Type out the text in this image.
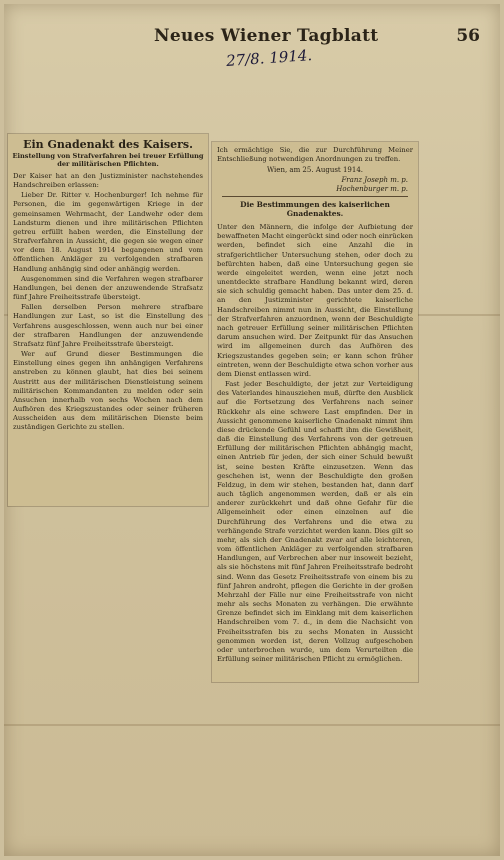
Neues Wiener Tagblatt	56
27/8. 1914.
Ein Gnadenakt des Kaisers.
Einstellung von Strafverfahren bei treuer Erfüllung der militärischen Pflichten.

Der Kaiser hat an den Justizminister nachstehendes Handschreiben erlassen:

Lieber Dr. Ritter v. Hochenburger! Ich nehme für Personen, die im gegenwärtigen Kriege in der gemeinsamen Wehrmacht, der Landwehr oder dem Landsturm dienen und ihre militärischen Pflichten getreu erfüllt haben werden, die Einstellung der Strafverfahren in Aussicht, die gegen sie wegen einer vor dem 18. August 1914 begangenen und vom öffentlichen Ankläger zu verfolgenden strafbaren Handlung anhängig sind oder anhängig werden.

Ausgenommen sind die Verfahren wegen strafbarer Handlungen, bei denen der anzuwendende Strafsatz fünf Jahre Freiheitsstrafe übersteigt.

Fallen derselben Person mehrere strafbare Handlungen zur Last, so ist die Einstellung des Verfahrens ausgeschlossen, wenn auch nur bei einer der strafbaren Handlungen der anzuwendende Strafsatz fünf Jahre Freiheitsstrafe übersteigt.

Wer auf Grund dieser Bestimmungen die Einstellung eines gegen ihn anhängigen Verfahrens anstreben zu können glaubt, hat dies bei seinem Austritt aus der militärischen Dienstleistung seinem militärischen Kommandanten zu melden oder sein Ansuchen innerhalb von sechs Wochen nach dem Aufhören des Kriegszustandes oder seiner früheren Ausscheiden aus dem militärischen Dienste beim zuständigen Gerichte zu stellen.

Ich ermächtige Sie, die zur Durchführung Meiner Entschließung notwendigen Anordnungen zu treffen.

Wien, am 25. August 1914.
Franz Joseph m. p.
Hochenburger m. p.
Die Bestimmungen des kaiserlichen Gnadenaktes.

Unter den Männern, die infolge der Aufbietung der bewaffneten Macht eingerückt sind oder noch einrücken werden, befindet sich eine Anzahl die in strafgerichtlicher Untersuchung stehen, oder doch zu befürchten haben, daß eine Untersuchung gegen sie werde eingeleitet werden, wenn eine jetzt noch unentdeckte strafbare Handlung bekannt wird, deren sie sich schuldig gemacht haben. Das unter dem 25. d. an den Justizminister gerichtete kaiserliche Handschreiben nimmt nun in Aussicht, die Einstellung der Strafverfahren anzuordnen, wenn der Beschuldigte nach getreuer Erfüllung seiner militärischen Pflichten darum ansuchen wird. Der Zeitpunkt für das Ansuchen wird im allgemeinen durch das Aufhören des Kriegszustandes gegeben sein; er kann schon früher eintreten, wenn der Beschuldigte etwa schon vorher aus dem Dienst entlassen wird.

Fast jeder Beschuldigte, der jetzt zur Verteidigung des Vaterlandes hinausziehen muß, dürfte den Ausblick auf die Fortsetzung des Verfahrens nach seiner Rückkehr als eine schwere Last empfinden. Der in Aussicht genommene kaiserliche Gnadenakt nimmt ihm diese drückende Gefühl und schafft ihm die Gewißheit, daß die Einstellung des Verfahrens von der getreuen Erfüllung der militärischen Pflichten abhängig macht, einen Antrieb für jeden, der sich einer Schuld bewußt ist, seine besten Kräfte einzusetzen. Wenn das geschehen ist, wenn der Beschuldigte den großen Feldzug, in dem wir stehen, bestanden hat, dann darf auch täglich angenommen werden, daß er als ein anderer zurückkehrt und daß ohne Gefahr für die Allgemeinheit oder einen einzelnen auf die Durchführung des Verfahrens und die etwa zu verhängende Strafe verzichtet werden kann. Dies gilt so mehr, als sich der Gnadenakt zwar auf alle leichteren, vom öffentlichen Ankläger zu verfolgenden strafbaren Handlungen, auf Verbrechen aber nur insoweit bezieht, als sie höchstens mit fünf Jahren Freiheitsstrafe bedroht sind. Wenn das Gesetz Freiheitsstrafe von einem bis zu fünf Jahren androht, pflegen die Gerichte in der großen Mehrzahl der Fälle nur eine Freiheitsstrafe von nicht mehr als sechs Monaten zu verhängen. Die erwähnte Grenze befindet sich im Einklang mit dem kaiserlichen Handschreiben vom 7. d., in dem die Nachsicht von Freiheitsstrafen bis zu sechs Monaten in Aussicht genommen worden ist, deren Vollzug aufgeschoben oder unterbrochen wurde, um dem Verurteilten die Erfüllung seiner militärischen Pflicht zu ermöglichen.
